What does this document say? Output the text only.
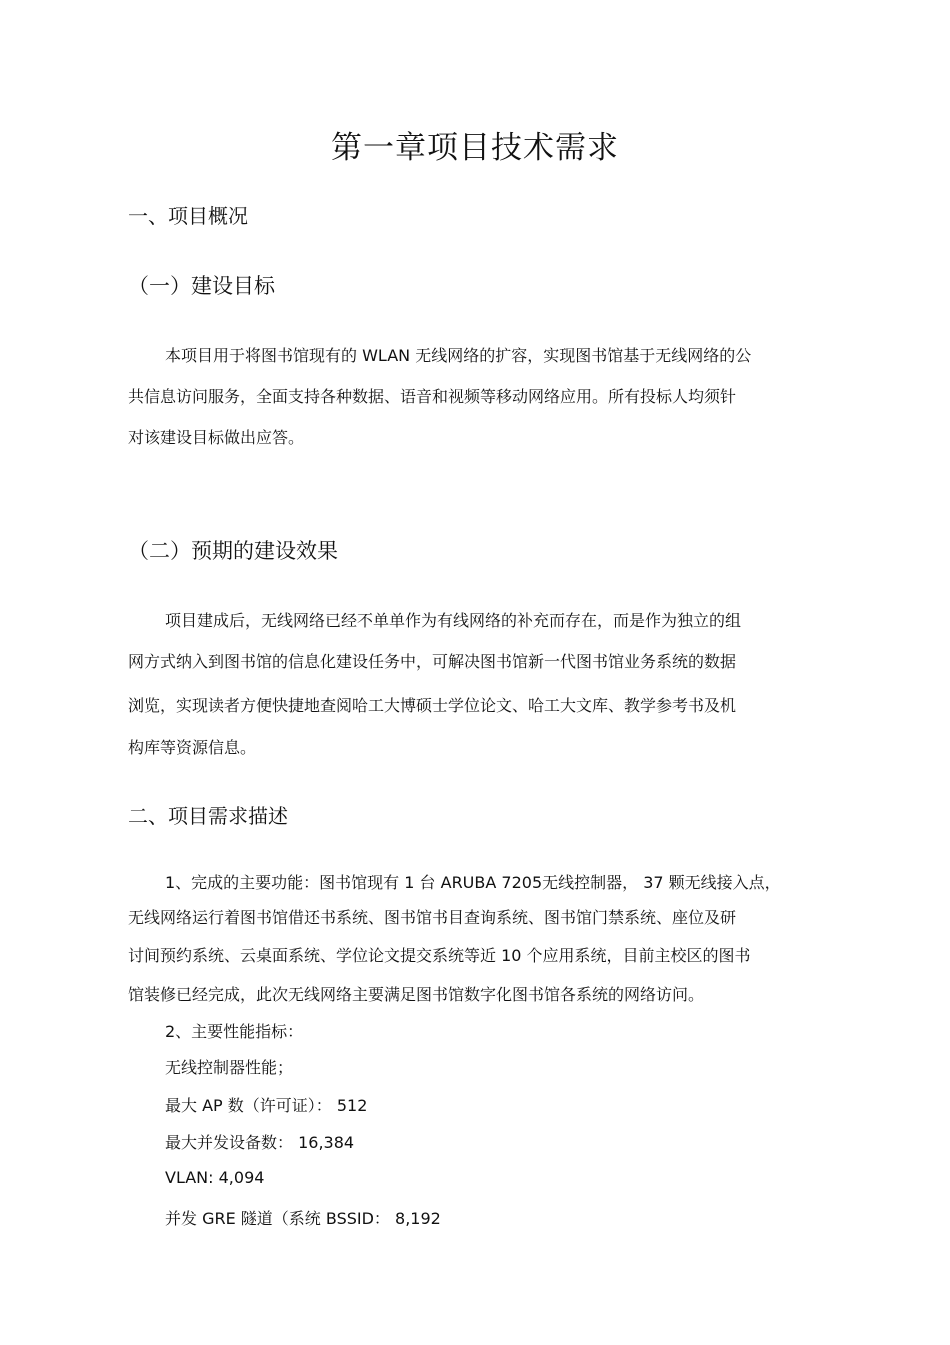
第一章项目技术需求
一、项目概况
（一）建设目标
本项目用于将图书馆现有的 WLAN 无线网络的扩容，实现图书馆基于无线网络的公
共信息访问服务，全面支持各种数据、语音和视频等移动网络应用。所有投标人均须针
对该建设目标做出应答。
（二）预期的建设效果
项目建成后，无线网络已经不单单作为有线网络的补充而存在，而是作为独立的组
网方式纳入到图书馆的信息化建设任务中，可解决图书馆新一代图书馆业务系统的数据
浏览，实现读者方便快捷地查阅哈工大博硕士学位论文、哈工大文库、教学参考书及机
构库等资源信息。
二、项目需求描述
1、完成的主要功能：图书馆现有 1 台 ARUBA 7205无线控制器， 37 颗无线接入点，
无线网络运行着图书馆借还书系统、图书馆书目查询系统、图书馆门禁系统、座位及研
讨间预约系统、云桌面系统、学位论文提交系统等近 10 个应用系统，目前主校区的图书
馆装修已经完成，此次无线网络主要满足图书馆数字化图书馆各系统的网络访问。
2、主要性能指标：
无线控制器性能；
最大 AP 数（许可证）： 512
最大并发设备数： 16,384
VLAN: 4,094
并发 GRE 隧道（系统 BSSID： 8,192
